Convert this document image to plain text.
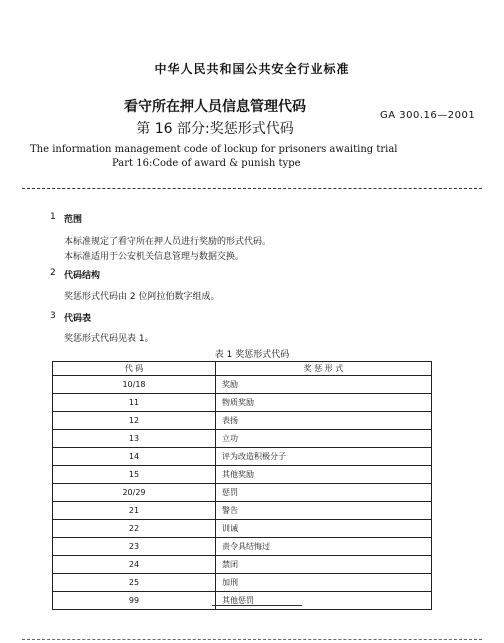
中华人民共和国公共安全行业标准
看守所在押人员信息管理代码
第 16 部分:奖惩形式代码
GA 300.16—2001
The information management code of lockup for prisoners awaiting trial
Part 16:Code of award & punish type
1 范围
本标准规定了看守所在押人员进行奖励的形式代码。
本标准适用于公安机关信息管理与数据交换。
2 代码结构
奖惩形式代码由 2 位阿拉伯数字组成。
3 代码表
奖惩形式代码见表 1。
表 1 奖惩形式代码
代 码	奖 惩 形 式
10/18	奖励
11	物质奖励
12	表扬
13	立功
14	评为改造积极分子
15	其他奖励
20/29	惩罚
21	警告
22	训诫
23	责令具结悔过
24	禁闭
25	加刑
99	其他惩罚
